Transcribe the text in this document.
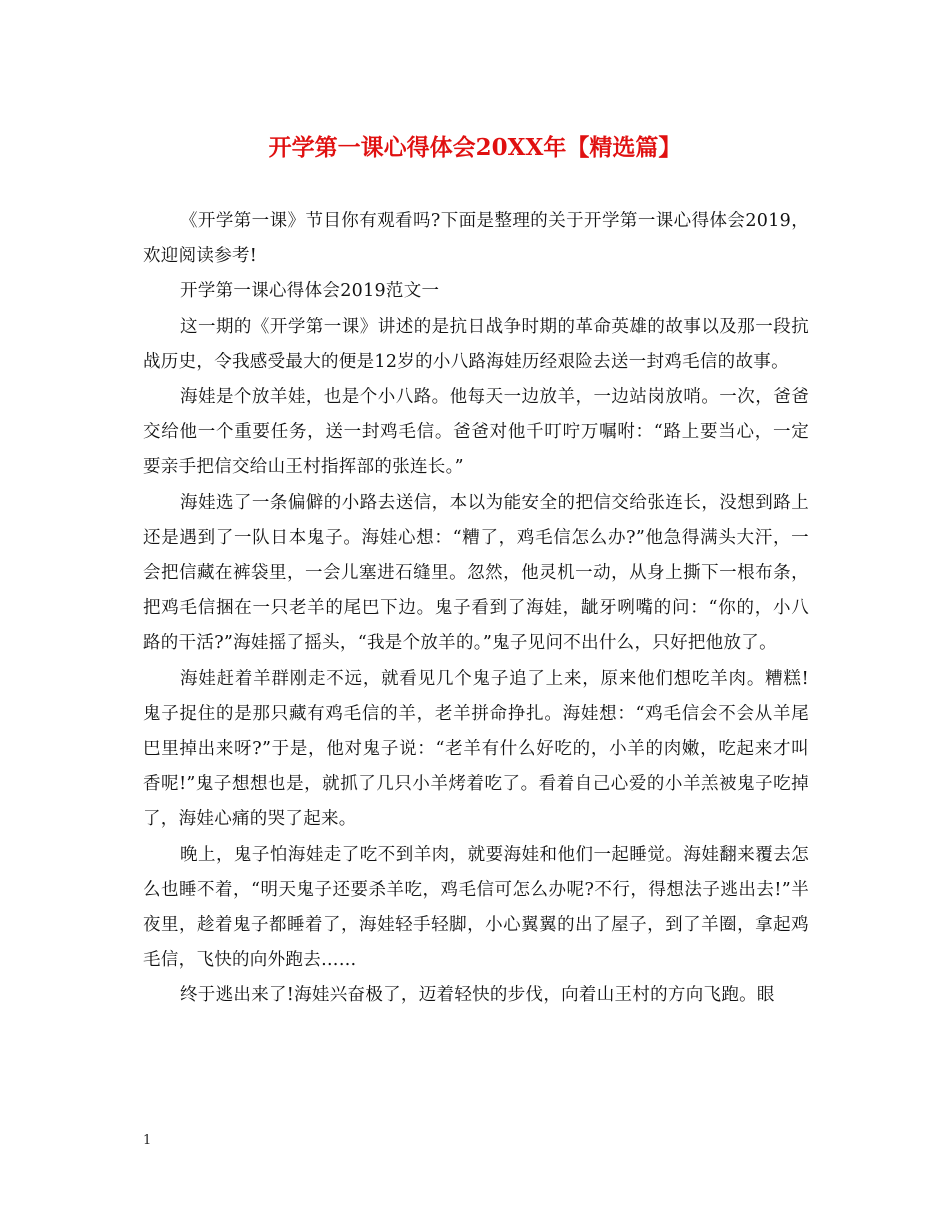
开学第一课心得体会20XX年【精选篇】

《开学第一课》节目你有观看吗?下面是整理的关于开学第一课心得体会2019，欢迎阅读参考!

开学第一课心得体会2019范文一

这一期的《开学第一课》讲述的是抗日战争时期的革命英雄的故事以及那一段抗战历史，令我感受最大的便是12岁的小八路海娃历经艰险去送一封鸡毛信的故事。

海娃是个放羊娃，也是个小八路。他每天一边放羊，一边站岗放哨。一次，爸爸交给他一个重要任务，送一封鸡毛信。爸爸对他千叮咛万嘱咐：“路上要当心，一定要亲手把信交给山王村指挥部的张连长。”

海娃选了一条偏僻的小路去送信，本以为能安全的把信交给张连长，没想到路上还是遇到了一队日本鬼子。海娃心想：“糟了，鸡毛信怎么办?”他急得满头大汗，一会把信藏在裤袋里，一会儿塞进石缝里。忽然，他灵机一动，从身上撕下一根布条，把鸡毛信捆在一只老羊的尾巴下边。鬼子看到了海娃，龇牙咧嘴的问：“你的，小八路的干活?”海娃摇了摇头，“我是个放羊的。”鬼子见问不出什么，只好把他放了。

海娃赶着羊群刚走不远，就看见几个鬼子追了上来，原来他们想吃羊肉。糟糕!鬼子捉住的是那只藏有鸡毛信的羊，老羊拼命挣扎。海娃想：“鸡毛信会不会从羊尾巴里掉出来呀?”于是，他对鬼子说：“老羊有什么好吃的，小羊的肉嫩，吃起来才叫香呢!”鬼子想想也是，就抓了几只小羊烤着吃了。看着自己心爱的小羊羔被鬼子吃掉了，海娃心痛的哭了起来。

晚上，鬼子怕海娃走了吃不到羊肉，就要海娃和他们一起睡觉。海娃翻来覆去怎么也睡不着，“明天鬼子还要杀羊吃，鸡毛信可怎么办呢?不行，得想法子逃出去!”半夜里，趁着鬼子都睡着了，海娃轻手轻脚，小心翼翼的出了屋子，到了羊圈，拿起鸡毛信，飞快的向外跑去……

终于逃出来了!海娃兴奋极了，迈着轻快的步伐，向着山王村的方向飞跑。眼

1
